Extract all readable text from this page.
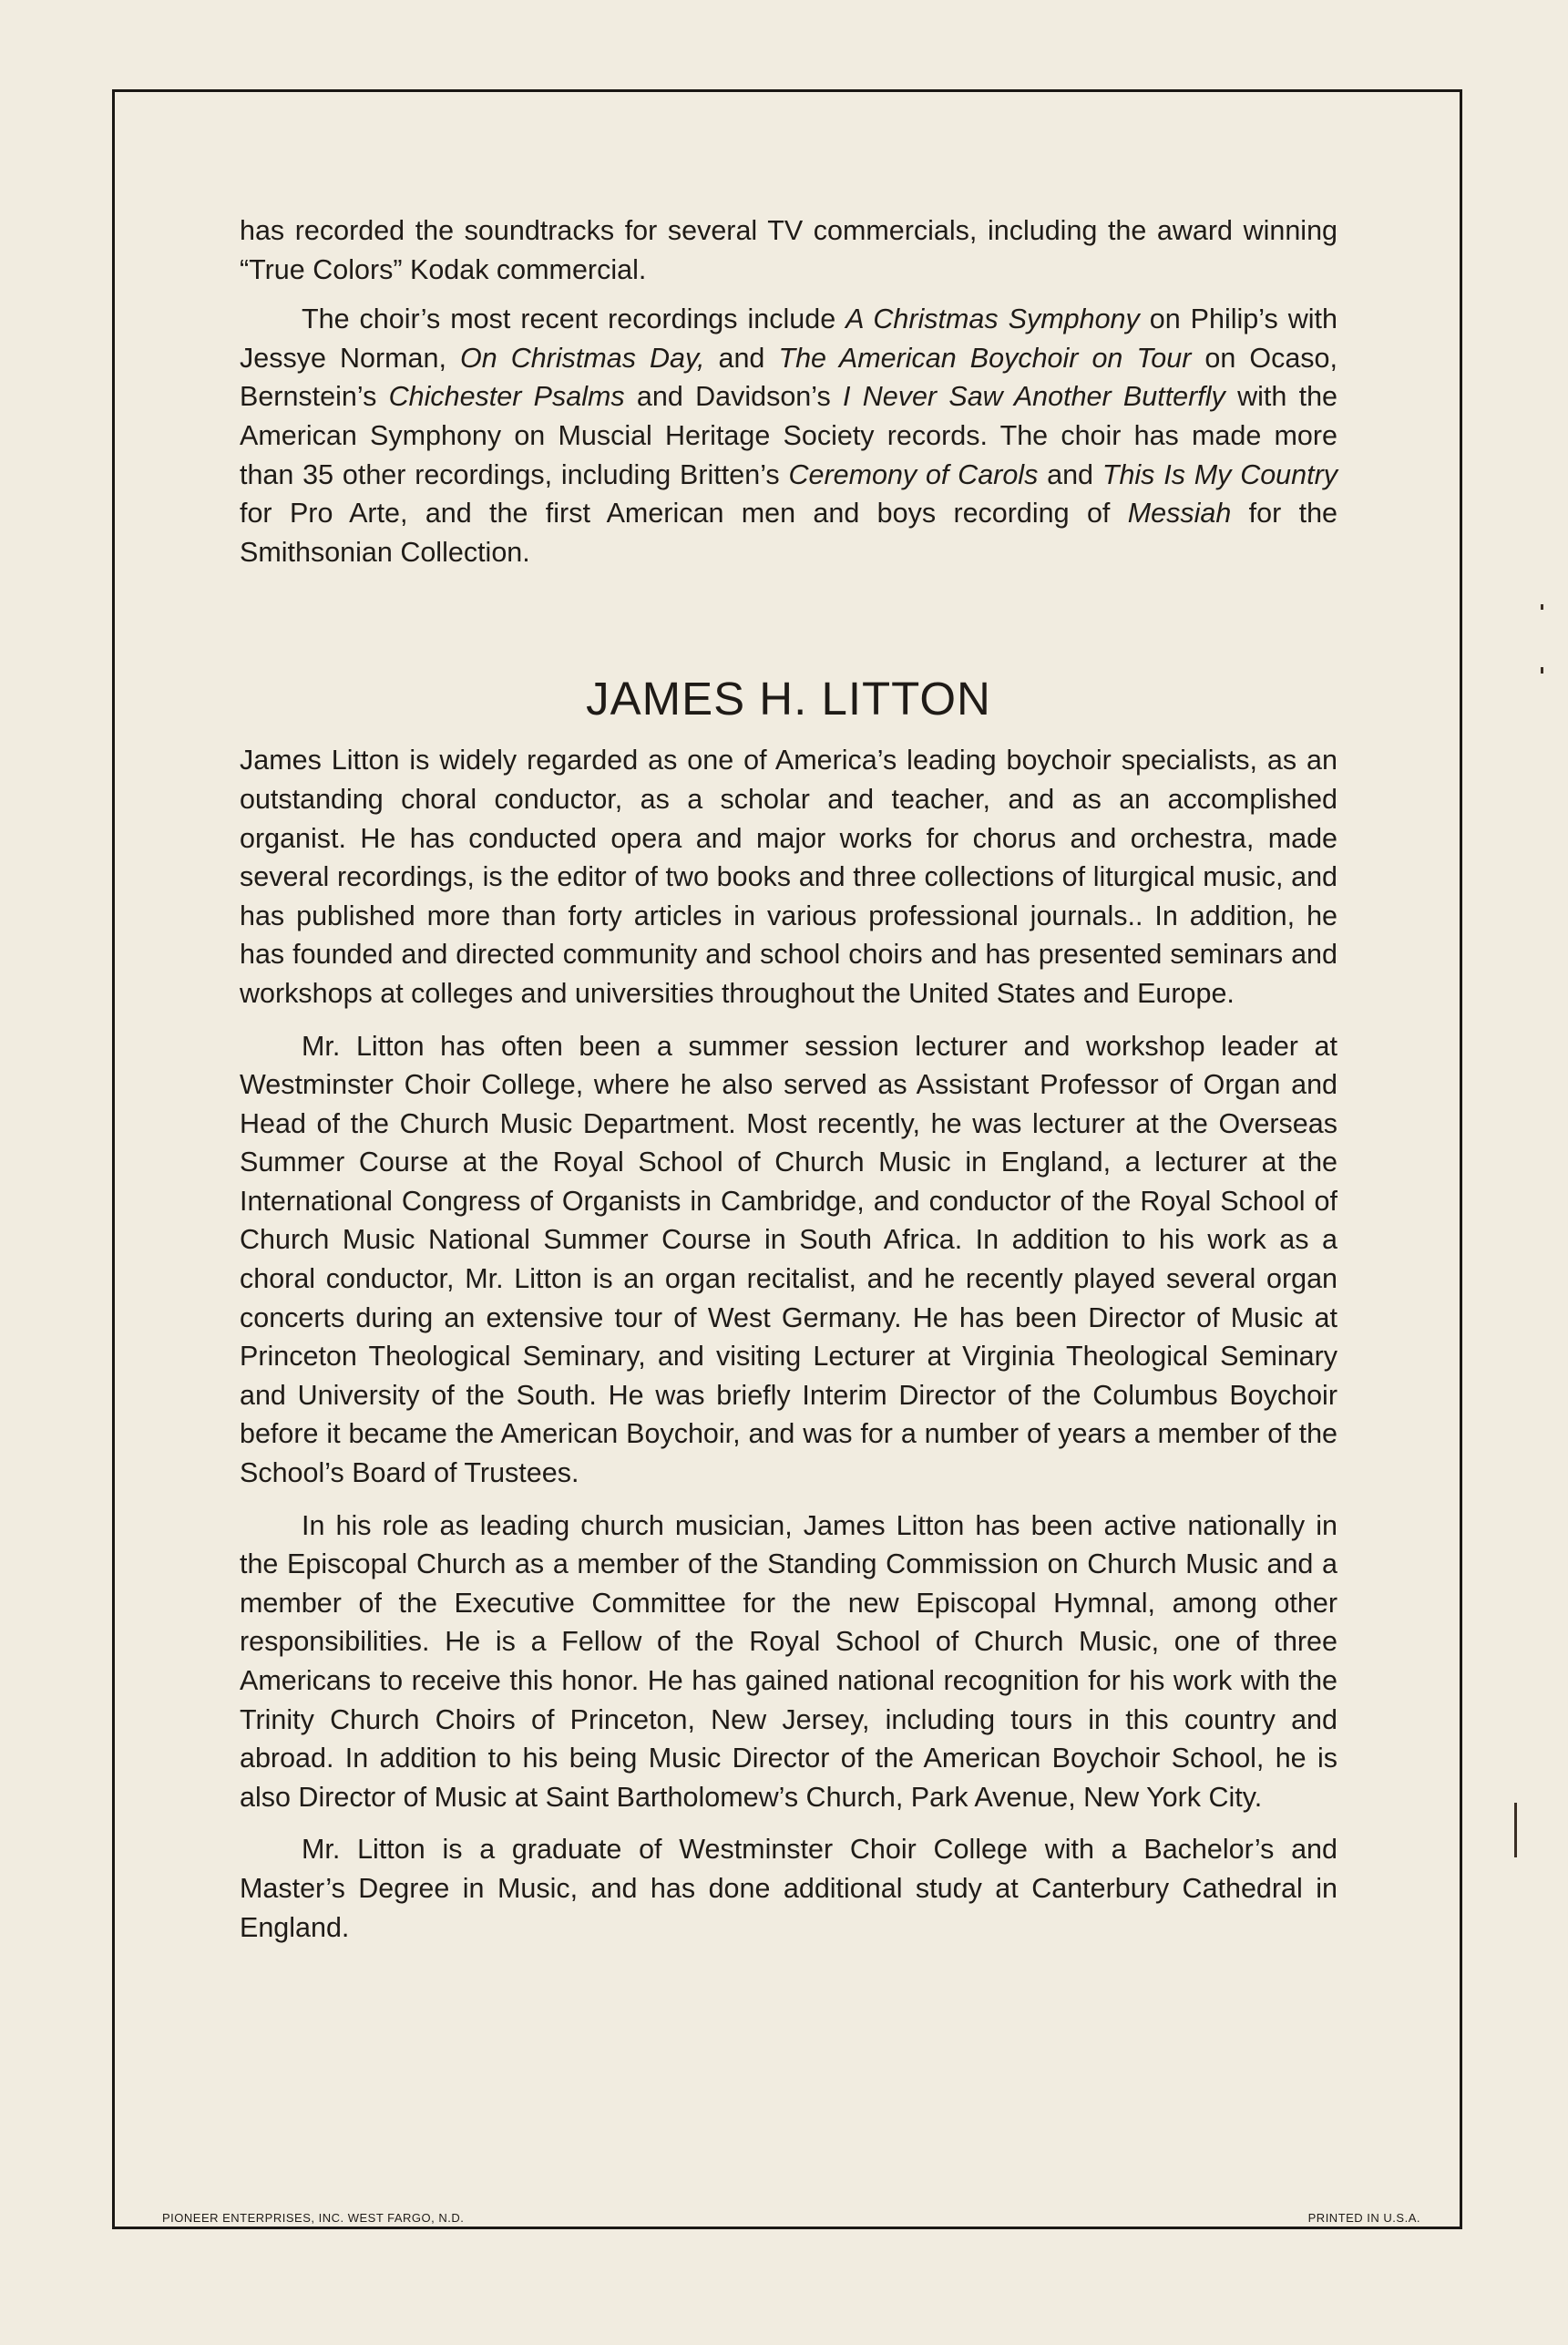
has recorded the soundtracks for several TV commercials, including the award winning “True Colors” Kodak commercial.

The choir’s most recent recordings include A Christmas Symphony on Philip’s with Jessye Norman, On Christmas Day, and The American Boychoir on Tour on Ocaso, Bernstein’s Chichester Psalms and Davidson’s I Never Saw Another Butterfly with the American Symphony on Muscial Heritage Society records. The choir has made more than 35 other recordings, including Britten’s Ceremony of Carols and This Is My Country for Pro Arte, and the first American men and boys recording of Messiah for the Smithsonian Collection.

JAMES H. LITTON

James Litton is widely regarded as one of America’s leading boychoir specialists, as an outstanding choral conductor, as a scholar and teacher, and as an accomplished organist. He has conducted opera and major works for chorus and orchestra, made several recordings, is the editor of two books and three collections of liturgical music, and has published more than forty articles in various professional journals.. In addition, he has founded and directed community and school choirs and has presented seminars and workshops at colleges and universities throughout the United States and Europe.

Mr. Litton has often been a summer session lecturer and workshop leader at Westminster Choir College, where he also served as Assistant Professor of Organ and Head of the Church Music Department. Most recently, he was lecturer at the Overseas Summer Course at the Royal School of Church Music in England, a lecturer at the International Congress of Organists in Cambridge, and conductor of the Royal School of Church Music National Summer Course in South Africa. In addition to his work as a choral conductor, Mr. Litton is an organ recitalist, and he recently played several organ concerts during an extensive tour of West Germany. He has been Director of Music at Princeton Theological Seminary, and visiting Lecturer at Virginia Theological Seminary and University of the South. He was briefly Interim Director of the Columbus Boychoir before it became the American Boychoir, and was for a number of years a member of the School’s Board of Trustees.

In his role as leading church musician, James Litton has been active nationally in the Episcopal Church as a member of the Standing Commission on Church Music and a member of the Executive Committee for the new Episcopal Hymnal, among other responsibilities. He is a Fellow of the Royal School of Church Music, one of three Americans to receive this honor. He has gained national recognition for his work with the Trinity Church Choirs of Princeton, New Jersey, including tours in this country and abroad. In addition to his being Music Director of the American Boychoir School, he is also Director of Music at Saint Bartholomew’s Church, Park Avenue, New York City.

Mr. Litton is a graduate of Westminster Choir College with a Bachelor’s and Master’s Degree in Music, and has done additional study at Canterbury Cathedral in England.

PIONEER ENTERPRISES, INC. WEST FARGO, N.D.	PRINTED IN U.S.A.
